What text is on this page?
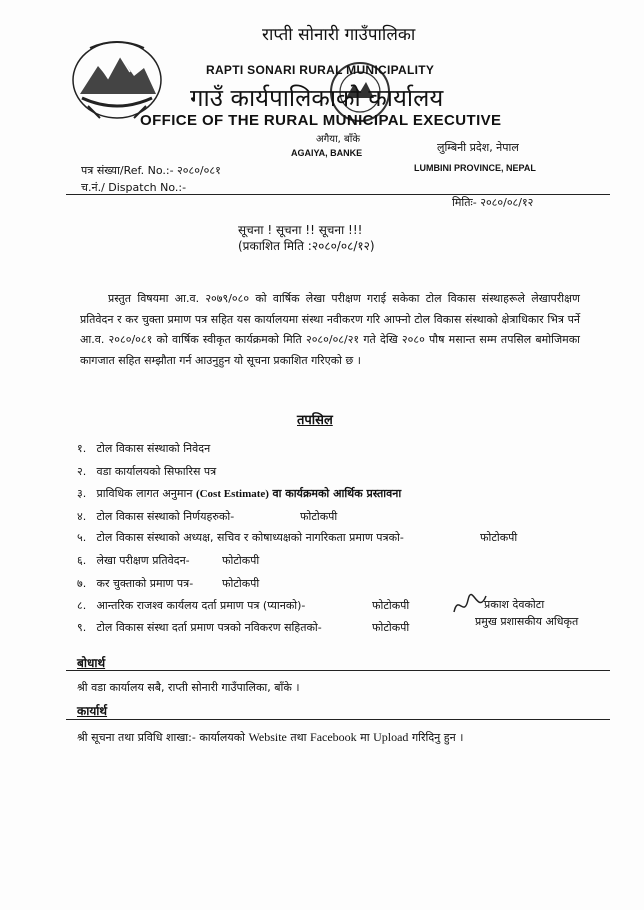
राप्ती सोनारी गाउँपालिका
RAPTI SONARI RURAL MUNICIPALITY
गाउँ कार्यपालिकाको कार्यालय
OFFICE OF THE RURAL MUNICIPAL EXECUTIVE
अगैया, बाँके
AGAIYA, BANKE	लुम्बिनी प्रदेश, नेपाल
LUMBINI PROVINCE, NEPAL
पत्र संख्या/Ref. No.:- २०८०/०८१
च.नं./ Dispatch No.:-
मितिः- २०८०/०८/१२
सूचना ! सूचना !! सूचना !!!
(प्रकाशित मिति :२०८०/०८/१२)
प्रस्तुत विषयमा आ.व. २०७९/०८० को वार्षिक लेखा परीक्षण गराई सकेका टोल विकास संस्थाहरूले लेखापरीक्षण प्रतिवेदन र कर चुक्ता प्रमाण पत्र सहित यस कार्यालयमा संस्था नवीकरण गरि आफ्नो टोल विकास संस्थाको क्षेत्राधिकार भित्र पर्ने आ.व. २०८०/०८१ को वार्षिक स्वीकृत कार्यक्रमको मिति २०८०/०८/२१ गते देखि २०८० पौष मसान्त सम्म तपसिल बमोजिमका कागजात सहित सम्झौता गर्न आउनुहुन यो सूचना प्रकाशित गरिएको छ ।
तपसिल
१. टोल विकास संस्थाको निवेदन
२. वडा कार्यालयको सिफारिस पत्र
३. प्राविधिक लागत अनुमान (Cost Estimate) वा कार्यक्रमको आर्थिक प्रस्तावना
४. टोल विकास संस्थाको निर्णयहरुको-	फोटोकपी
५. टोल विकास संस्थाको अध्यक्ष, सचिव र कोषाध्यक्षको नागरिकता प्रमाण पत्रको-	फोटोकपी
६. लेखा परीक्षण प्रतिवेदन-	फोटोकपी
७. कर चुक्ताको प्रमाण पत्र-	फोटोकपी
८. आन्तरिक राजश्व कार्यलय दर्ता प्रमाण पत्र (प्यानको)-	फोटोकपी
९. टोल विकास संस्था दर्ता प्रमाण पत्रको नविकरण सहितको-	फोटोकपी
प्रकाश देवकोटा
प्रमुख प्रशासकीय अधिकृत
बोधार्थ
श्री वडा कार्यालय सबै, राप्ती सोनारी गाउँपालिका, बाँके ।
कार्यार्थ
श्री सूचना तथा प्रविधि शाखा:- कार्यालयको Website तथा Facebook मा Upload गरिदिनु हुन ।
